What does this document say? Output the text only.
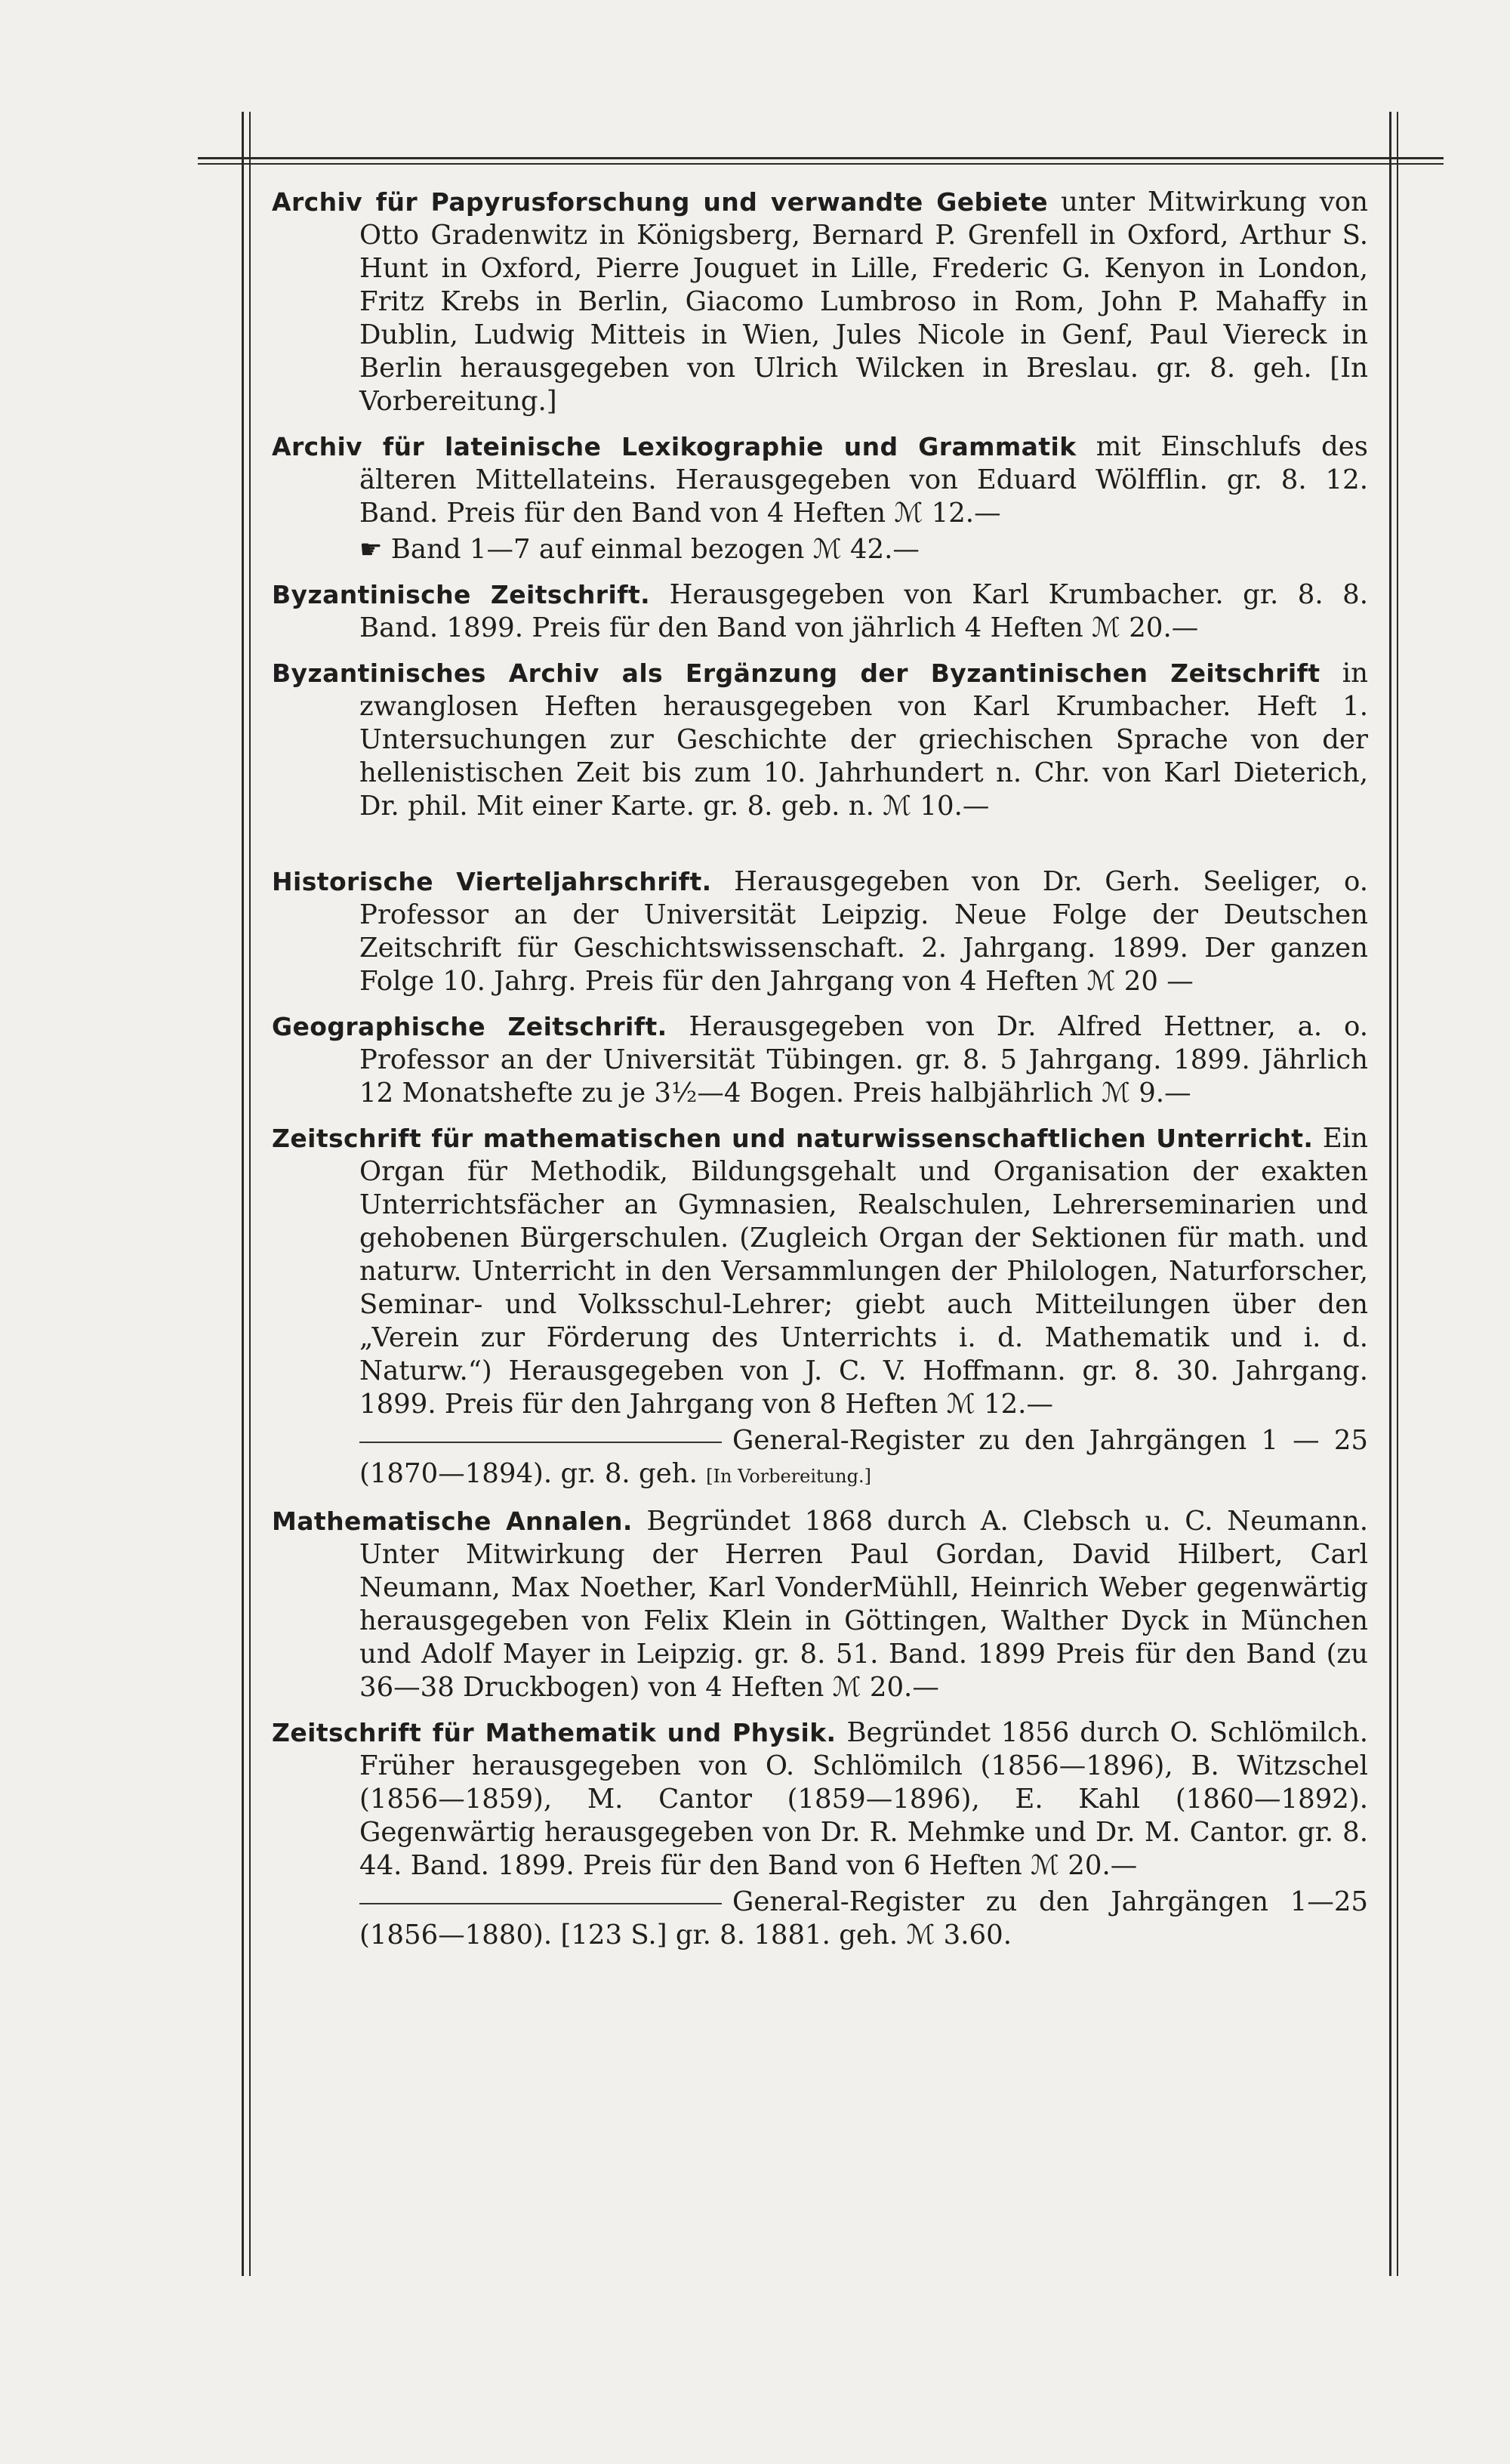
Archiv für Papyrusforschung und verwandte Gebiete unter Mitwirkung von Otto Gradenwitz in Königsberg, Bernard P. Grenfell in Oxford, Arthur S. Hunt in Oxford, Pierre Jouguet in Lille, Frederic G. Kenyon in London, Fritz Krebs in Berlin, Giacomo Lumbroso in Rom, John P. Mahaffy in Dublin, Ludwig Mitteis in Wien, Jules Nicole in Genf, Paul Viereck in Berlin herausgegeben von Ulrich Wilcken in Breslau. gr. 8. geh. [In Vorbereitung.]

Archiv für lateinische Lexikographie und Grammatik mit Einschlufs des älteren Mittellateins. Herausgegeben von Eduard Wölfflin. gr. 8. 12. Band. Preis für den Band von 4 Heften ℳ 12.—

☛ Band 1—7 auf einmal bezogen ℳ 42.—

Byzantinische Zeitschrift. Herausgegeben von Karl Krumbacher. gr. 8. 8. Band. 1899. Preis für den Band von jährlich 4 Heften ℳ 20.—

Byzantinisches Archiv als Ergänzung der Byzantinischen Zeitschrift in zwanglosen Heften herausgegeben von Karl Krumbacher. Heft 1. Untersuchungen zur Geschichte der griechischen Sprache von der hellenistischen Zeit bis zum 10. Jahrhundert n. Chr. von Karl Dieterich, Dr. phil. Mit einer Karte. gr. 8. geb. n. ℳ 10.—

Historische Vierteljahrschrift. Herausgegeben von Dr. Gerh. Seeliger, o. Professor an der Universität Leipzig. Neue Folge der Deutschen Zeitschrift für Geschichtswissenschaft. 2. Jahrgang. 1899. Der ganzen Folge 10. Jahrg. Preis für den Jahrgang von 4 Heften ℳ 20 —

Geographische Zeitschrift. Herausgegeben von Dr. Alfred Hettner, a. o. Professor an der Universität Tübingen. gr. 8. 5 Jahrgang. 1899. Jährlich 12 Monatshefte zu je 3½—4 Bogen. Preis halbjährlich ℳ 9.—

Zeitschrift für mathematischen und naturwissenschaftlichen Unterricht. Ein Organ für Methodik, Bildungsgehalt und Organisation der exakten Unterrichtsfächer an Gymnasien, Realschulen, Lehrerseminarien und gehobenen Bürgerschulen. (Zugleich Organ der Sektionen für math. und naturw. Unterricht in den Versammlungen der Philologen, Naturforscher, Seminar- und Volksschul-Lehrer; giebt auch Mitteilungen über den „Verein zur Förderung des Unterrichts i. d. Mathematik und i. d. Naturw.“) Herausgegeben von J. C. V. Hoffmann. gr. 8. 30. Jahrgang. 1899. Preis für den Jahrgang von 8 Heften ℳ 12.—

General-Register zu den Jahrgängen 1 — 25 (1870—1894). gr. 8. geh. [In Vorbereitung.]

Mathematische Annalen. Begründet 1868 durch A. Clebsch u. C. Neumann. Unter Mitwirkung der Herren Paul Gordan, David Hilbert, Carl Neumann, Max Noether, Karl VonderMühll, Heinrich Weber gegenwärtig herausgegeben von Felix Klein in Göttingen, Walther Dyck in München und Adolf Mayer in Leipzig. gr. 8. 51. Band. 1899 Preis für den Band (zu 36—38 Druckbogen) von 4 Heften ℳ 20.—

Zeitschrift für Mathematik und Physik. Begründet 1856 durch O. Schlömilch. Früher herausgegeben von O. Schlömilch (1856—1896), B. Witzschel (1856—1859), M. Cantor (1859—1896), E. Kahl (1860—1892). Gegenwärtig herausgegeben von Dr. R. Mehmke und Dr. M. Cantor. gr. 8. 44. Band. 1899. Preis für den Band von 6 Heften ℳ 20.—

General-Register zu den Jahrgängen 1—25 (1856—1880). [123 S.] gr. 8. 1881. geh. ℳ 3.60.
